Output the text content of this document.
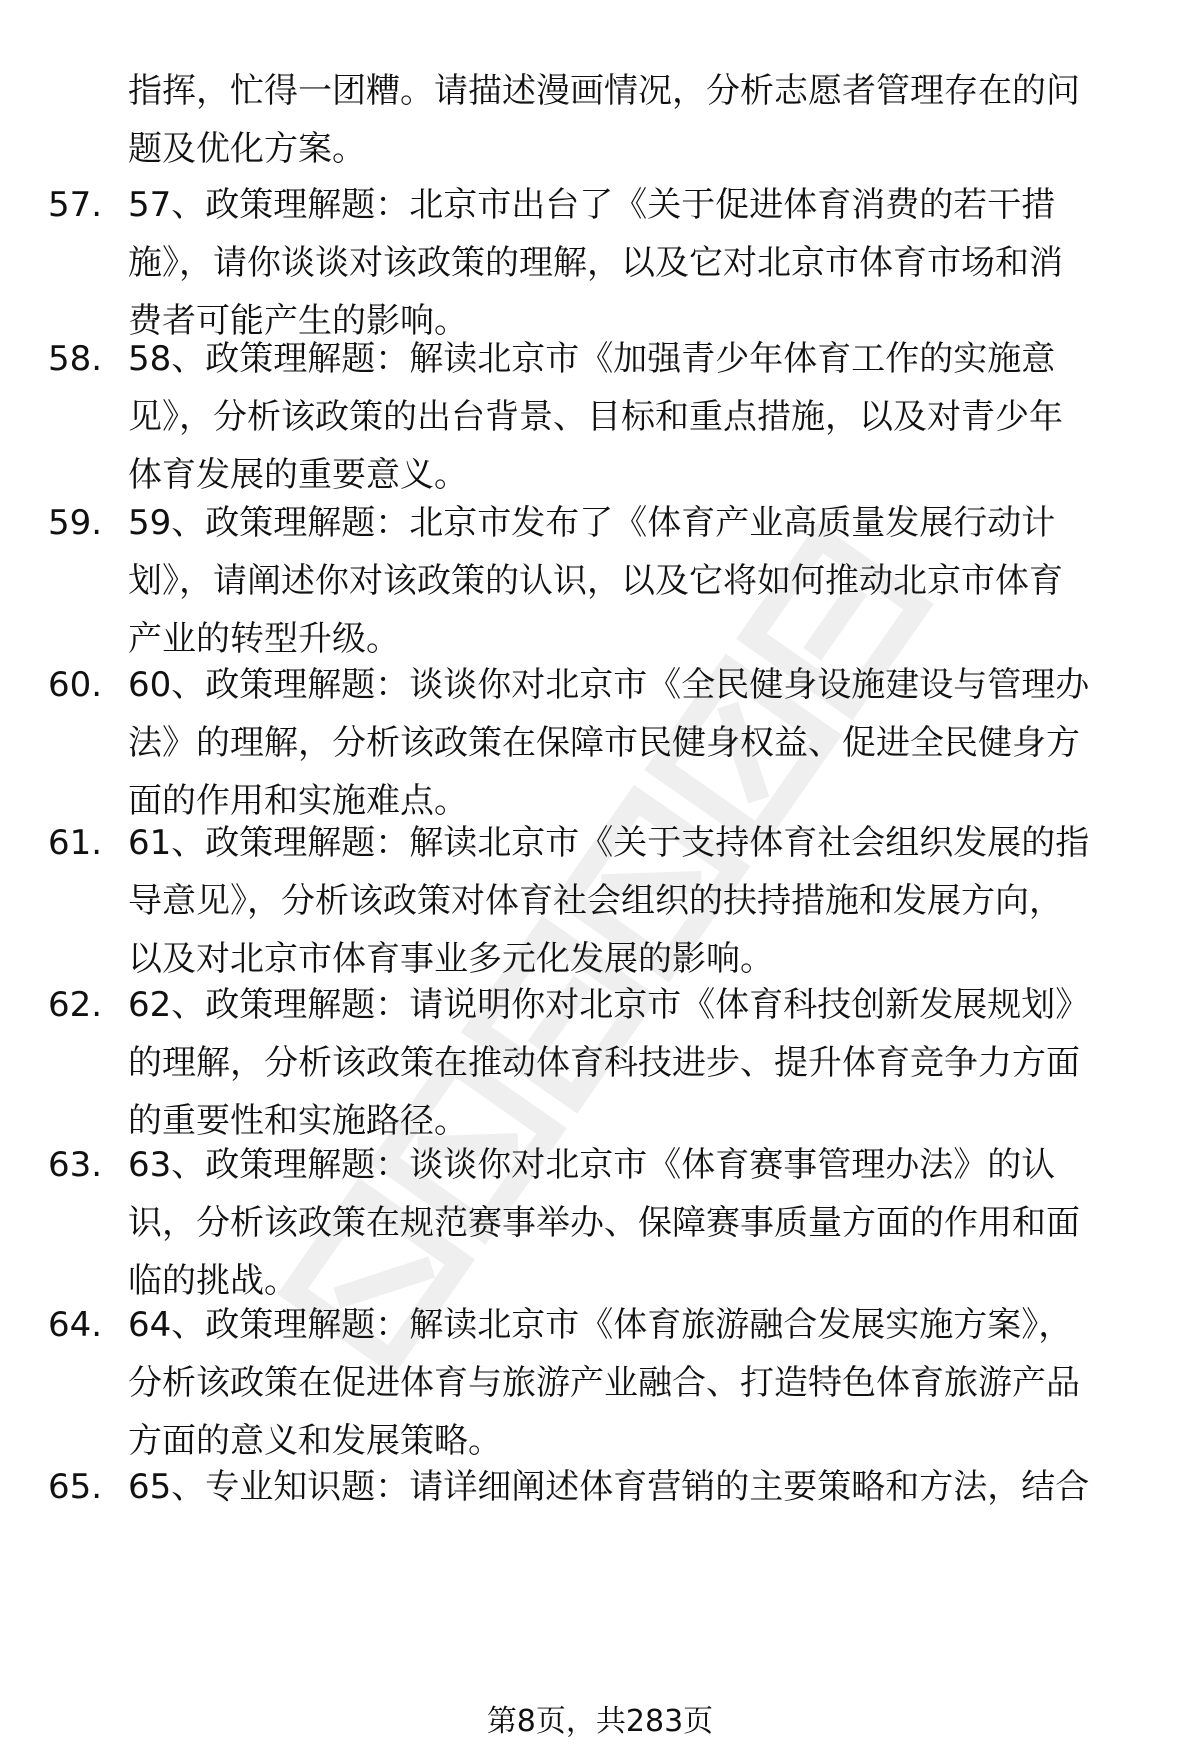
指挥，忙得一团糟。请描述漫画情况，分析志愿者管理存在的问
题及优化方案。
57. 57、政策理解题：北京市出台了《关于促进体育消费的若干措
施》，请你谈谈对该政策的理解，以及它对北京市体育市场和消
费者可能产生的影响。
58. 58、政策理解题：解读北京市《加强青少年体育工作的实施意
见》，分析该政策的出台背景、目标和重点措施，以及对青少年
体育发展的重要意义。
59. 59、政策理解题：北京市发布了《体育产业高质量发展行动计
划》，请阐述你对该政策的认识，以及它将如何推动北京市体育
产业的转型升级。
60. 60、政策理解题：谈谈你对北京市《全民健身设施建设与管理办
法》的理解，分析该政策在保障市民健身权益、促进全民健身方
面的作用和实施难点。
61. 61、政策理解题：解读北京市《关于支持体育社会组织发展的指
导意见》，分析该政策对体育社会组织的扶持措施和发展方向，
以及对北京市体育事业多元化发展的影响。
62. 62、政策理解题：请说明你对北京市《体育科技创新发展规划》
的理解，分析该政策在推动体育科技进步、提升体育竞争力方面
的重要性和实施路径。
63. 63、政策理解题：谈谈你对北京市《体育赛事管理办法》的认
识，分析该政策在规范赛事举办、保障赛事质量方面的作用和面
临的挑战。
64. 64、政策理解题：解读北京市《体育旅游融合发展实施方案》，
分析该政策在促进体育与旅游产业融合、打造特色体育旅游产品
方面的意义和发展策略。
65. 65、专业知识题：请详细阐述体育营销的主要策略和方法，结合
第8页，共283页
